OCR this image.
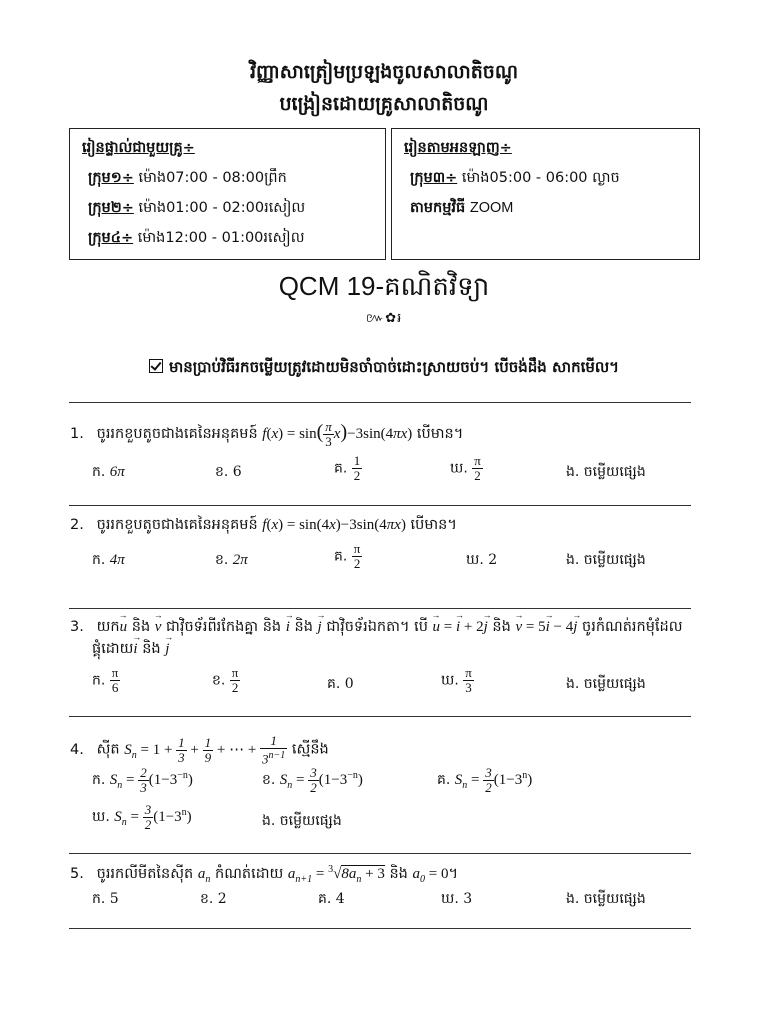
វិញ្ញាសាត្រៀមប្រឡងចូលសាលាតិចណូ
បង្រៀនដោយគ្រូសាលាតិចណូ
រៀនផ្ទាល់ជាមួយគ្រូ÷
ក្រុម១÷ ម៉ោង07:00 - 08:00ព្រឹក
ក្រុម២÷ ម៉ោង01:00 - 02:00រសៀល
ក្រុម៤÷ ម៉ោង12:00 - 01:00រសៀល
រៀនតាមអនឡាញ÷
ក្រុម៣÷ ម៉ោង05:00 - 06:00 ល្ងាច
តាមកម្មវិធី ZOOM
QCM 19-គណិតវិទ្យា
៚✿៛
មានប្រាប់វិធីរកចម្លើយត្រូវដោយមិនចាំបាច់ដោះស្រាយចប់។ បើចង់ដឹង សាកមើល។
1. ចូររកខួបតូចជាងគេនៃអនុគមន៍ $f(x) = \sin( \frac{\pi}{3} x)-3\sin(4\pi x)$ បើមាន។
ក. 6π	ខ. 6	គ. $\frac{1}{2}$	ឃ. $\frac{\pi}{2}$	ង. ចម្លើយផ្សេង
2. ចូររកខួបតូចជាងគេនៃអនុគមន៍ f(x) = sin(4x)−3sin(4πx) បើមាន។
ក. 4π	ខ. 2π	គ. $\frac{\pi}{2}$	ឃ. 2	ង. ចម្លើយផ្សេង
3. យក→ u និង → v ជាវ៉ិចទ័រពីរកែងគ្នា និង → i និង → j ជាវ៉ិចទ័រឯកតា។ បើ → u = → i + 2→ j និង → v = 5→ i − 4→ j ចូរកំណត់រកមុំដែល
ផ្គុំដោយ→ i និង → j
ក. $\frac{\pi}{6}$	ខ. $\frac{\pi}{2}$	គ. 0	ឃ. $\frac{\pi}{3}$	ង. ចម្លើយផ្សេង
4. ស៊ីត $S_n = 1 + \frac{1}{3} + \frac{1}{9}$ + ⋯ + $\frac{1}{3^{n-1}}$ ស្មើនឹង
ក. $S_n = \frac{2}{3} (1-3^{-n})$	ខ. $S_n = \frac{3}{2} (1-3^{-n})$	គ. $S_n = \frac{3}{2} (1-3^n)$
ឃ. $S_n = \frac{3}{2} (1-3^n)$	ង. ចម្លើយផ្សេង
5. ចូររកលីមីតនៃស៊ីត $a_n$ កំណត់ដោយ $a_{n+1} = ^3√8a_n + 3$ និង $a_0 = 0$។
ក. 5	ខ. 2	គ. 4	ឃ. 3	ង. ចម្លើយផ្សេង
